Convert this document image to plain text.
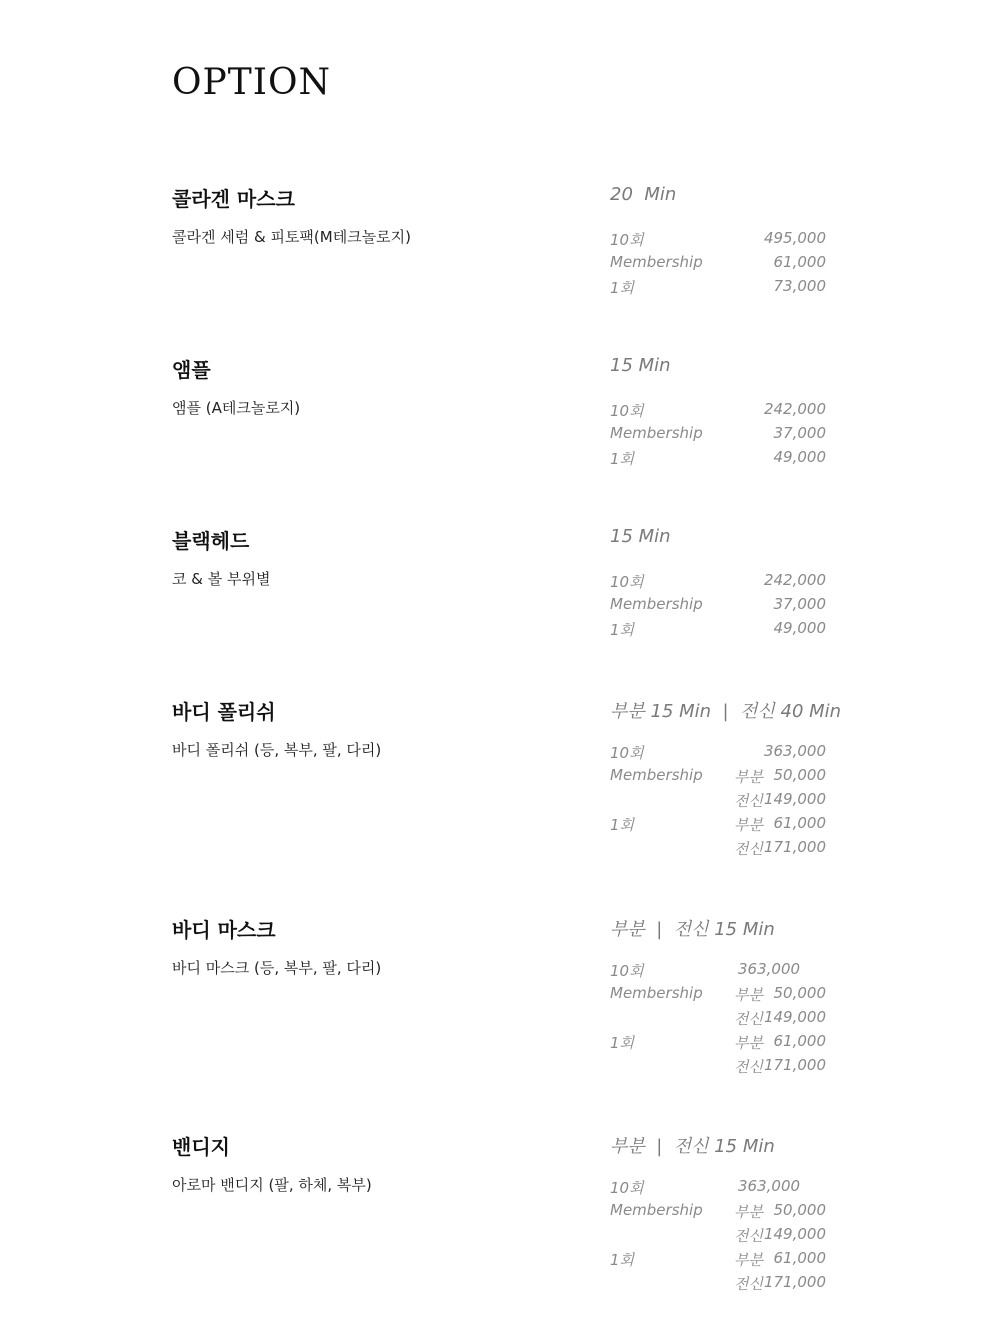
OPTION
콜라겐 마스크	20  Min
콜라겐 세럼 & 피토팩(M테크놀로지)	10회	495,000
Membership	61,000
1회	73,000
앰플	15 Min
앰플 (A테크놀로지)	10회	242,000
Membership	37,000
1회	49,000
블랙헤드	15 Min
코 & 볼 부위별	10회	242,000
Membership	37,000
1회	49,000
바디 폴리쉬	부분 15 Min  |  전신 40 Min
바디 폴리쉬 (등, 복부, 팔, 다리)	10회	363,000
Membership 부분 50,000
전신 149,000
1회	부분 61,000
전신 171,000
바디 마스크	부분  |  전신 15 Min
바디 마스크 (등, 복부, 팔, 다리)	10회	363,000
Membership 부분 50,000
전신 149,000
1회	부분 61,000
전신 171,000
밴디지	부분  |  전신 15 Min
아로마 밴디지 (팔, 하체, 복부)	10회	363,000
Membership 부분 50,000
전신 149,000
1회	부분 61,000
전신 171,000
